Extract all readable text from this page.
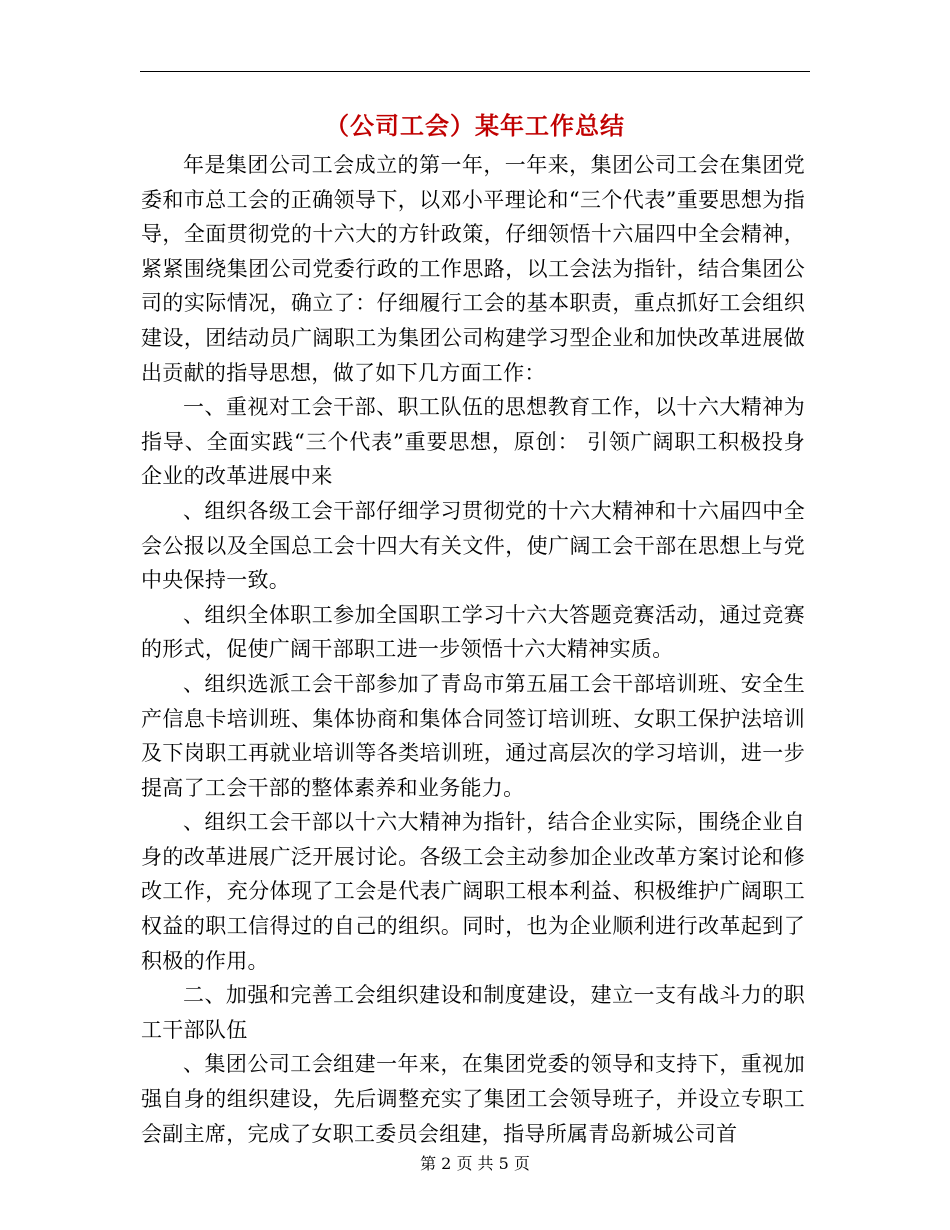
（公司工会）某年工作总结

年是集团公司工会成立的第一年，一年来，集团公司工会在集团党委和市总工会的正确领导下，以邓小平理论和“三个代表”重要思想为指导，全面贯彻党的十六大的方针政策，仔细领悟十六届四中全会精神，紧紧围绕集团公司党委行政的工作思路，以工会法为指针，结合集团公司的实际情况，确立了：仔细履行工会的基本职责，重点抓好工会组织建设，团结动员广阔职工为集团公司构建学习型企业和加快改革进展做出贡献的指导思想，做了如下几方面工作：

一、重视对工会干部、职工队伍的思想教育工作，以十六大精神为指导、全面实践“三个代表”重要思想，原创： 引领广阔职工积极投身企业的改革进展中来

、组织各级工会干部仔细学习贯彻党的十六大精神和十六届四中全会公报以及全国总工会十四大有关文件，使广阔工会干部在思想上与党中央保持一致。

、组织全体职工参加全国职工学习十六大答题竞赛活动，通过竞赛的形式，促使广阔干部职工进一步领悟十六大精神实质。

、组织选派工会干部参加了青岛市第五届工会干部培训班、安全生产信息卡培训班、集体协商和集体合同签订培训班、女职工保护法培训及下岗职工再就业培训等各类培训班，通过高层次的学习培训，进一步提高了工会干部的整体素养和业务能力。

、组织工会干部以十六大精神为指针，结合企业实际，围绕企业自身的改革进展广泛开展讨论。各级工会主动参加企业改革方案讨论和修改工作，充分体现了工会是代表广阔职工根本利益、积极维护广阔职工权益的职工信得过的自己的组织。同时，也为企业顺利进行改革起到了积极的作用。

二、加强和完善工会组织建设和制度建设，建立一支有战斗力的职工干部队伍

、集团公司工会组建一年来，在集团党委的领导和支持下，重视加强自身的组织建设，先后调整充实了集团工会领导班子，并设立专职工会副主席，完成了女职工委员会组建，指导所属青岛新城公司首

第 2 页 共 5 页
